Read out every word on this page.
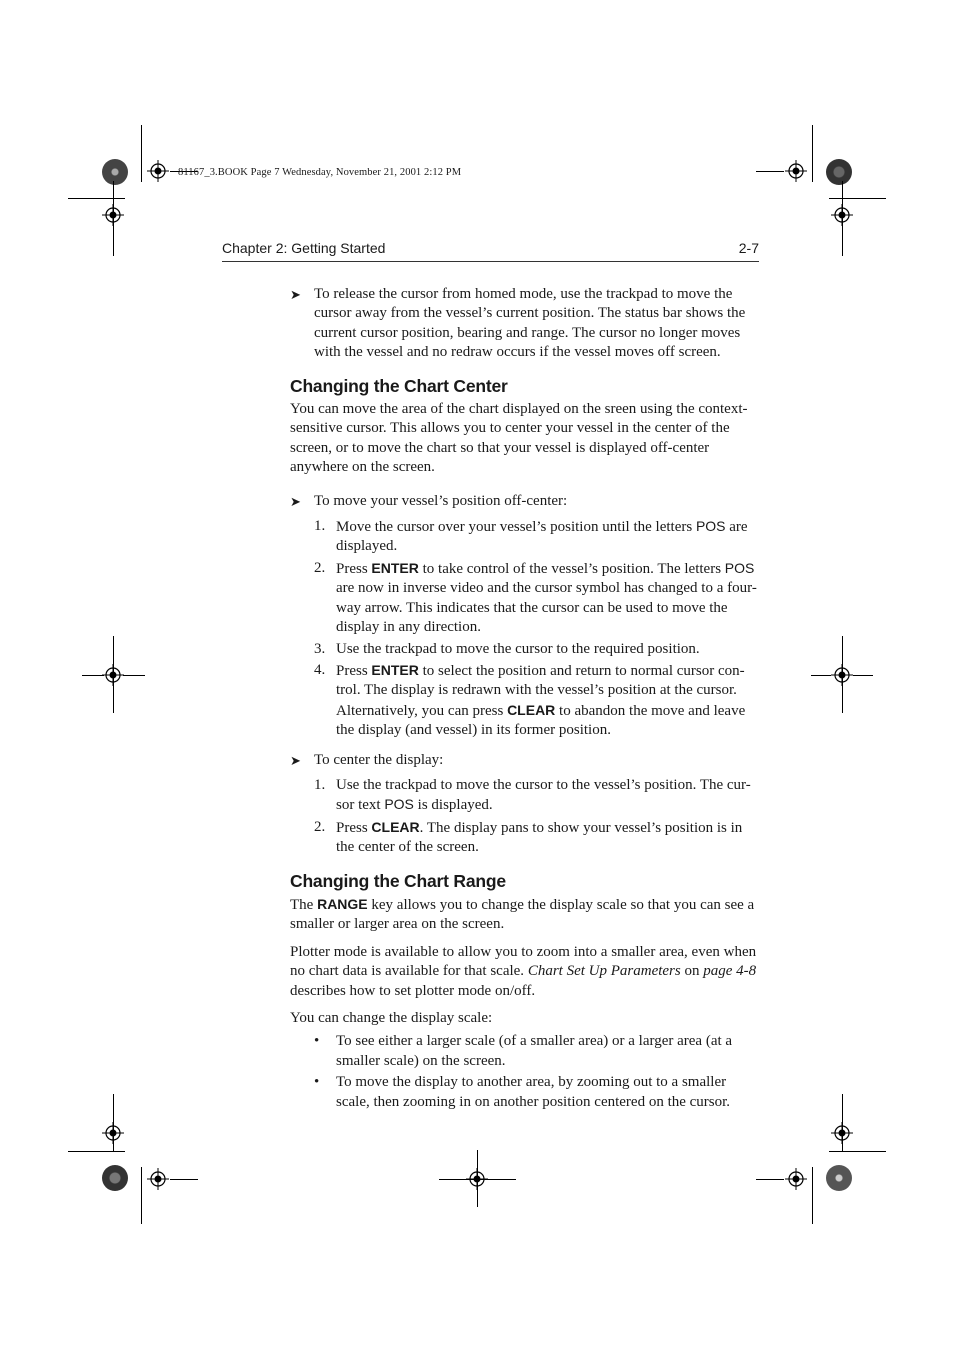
81167_3.BOOK Page 7 Wednesday, November 21, 2001 2:12 PM
Chapter 2: Getting Started	2-7
➤ To release the cursor from homed mode, use the trackpad to move the cursor away from the vessel’s current position. The status bar shows the current cursor position, bearing and range. The cursor no longer moves with the vessel and no redraw occurs if the vessel moves off screen.
Changing the Chart Center
You can move the area of the chart displayed on the sreen using the context-sensitive cursor. This allows you to center your vessel in the center of the screen, or to move the chart so that your vessel is displayed off-center anywhere on the screen.
➤ To move your vessel’s position off-center:
1. Move the cursor over your vessel’s position until the letters POS are displayed.
2. Press ENTER to take control of the vessel’s position. The letters POS are now in inverse video and the cursor symbol has changed to a four-way arrow. This indicates that the cursor can be used to move the display in any direction.
3. Use the trackpad to move the cursor to the required position.
4. Press ENTER to select the position and return to normal cursor con-trol. The display is redrawn with the vessel’s position at the cursor. Alternatively, you can press CLEAR to abandon the move and leave the display (and vessel) in its former position.
➤ To center the display:
1. Use the trackpad to move the cursor to the vessel’s position. The cur-sor text POS is displayed.
2. Press CLEAR. The display pans to show your vessel’s position is in the center of the screen.
Changing the Chart Range
The RANGE key allows you to change the display scale so that you can see a smaller or larger area on the screen.
Plotter mode is available to allow you to zoom into a smaller area, even when no chart data is available for that scale. Chart Set Up Parameters on page 4-8 describes how to set plotter mode on/off.
You can change the display scale:
• To see either a larger scale (of a smaller area) or a larger area (at a smaller scale) on the screen.
• To move the display to another area, by zooming out to a smaller scale, then zooming in on another position centered on the cursor.
